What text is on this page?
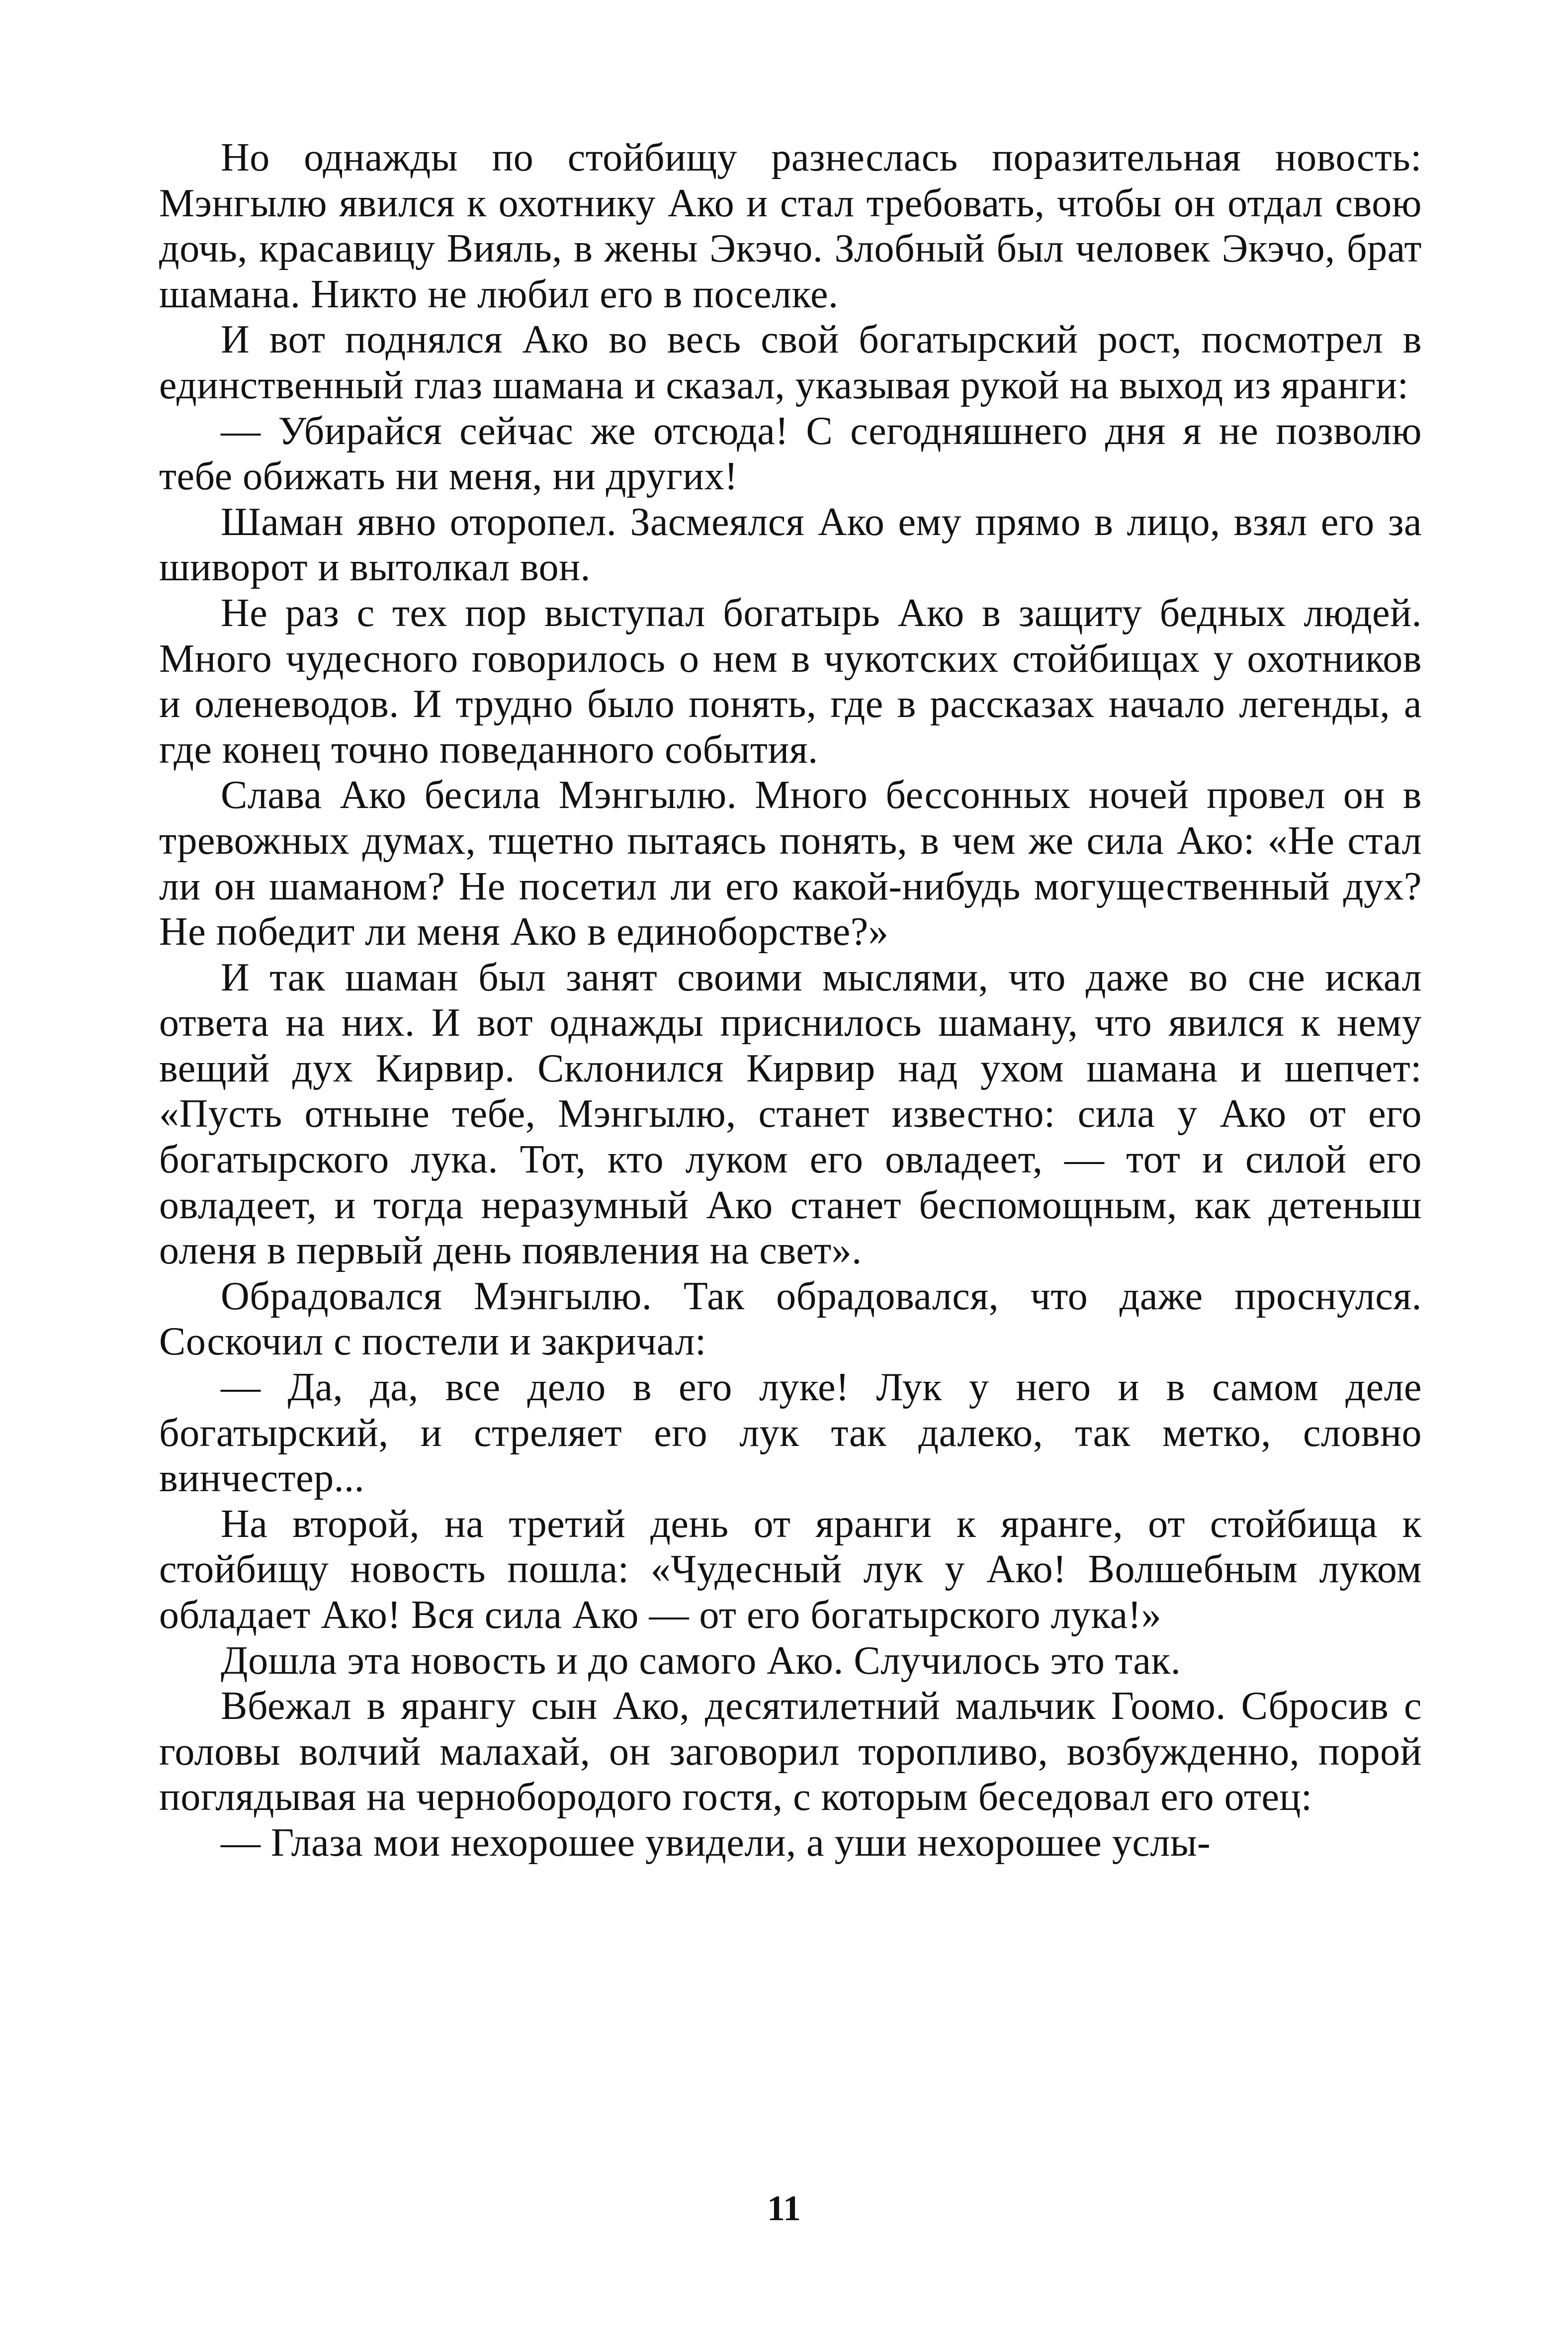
Но однажды по стойбищу разнеслась поразительная новость: Мэнгылю явился к охотнику Ако и стал требовать, чтобы он отдал свою дочь, красавицу Вияль, в жены Экэчо. Злобный был человек Экэчо, брат шамана. Никто не любил его в поселке.

И вот поднялся Ако во весь свой богатырский рост, посмотрел в единственный глаз шамана и сказал, указывая рукой на выход из яранги:

— Убирайся сейчас же отсюда! С сегодняшнего дня я не позволю тебе обижать ни меня, ни других!

Шаман явно оторопел. Засмеялся Ако ему прямо в лицо, взял его за шиворот и вытолкал вон.

Не раз с тех пор выступал богатырь Ако в защиту бедных людей. Много чудесного говорилось о нем в чукотских стойбищах у охотников и оленеводов. И трудно было понять, где в рассказах начало легенды, а где конец точно поведанного события.

Слава Ако бесила Мэнгылю. Много бессонных ночей провел он в тревожных думах, тщетно пытаясь понять, в чем же сила Ако: «Не стал ли он шаманом? Не посетил ли его какой-нибудь могущественный дух? Не победит ли меня Ако в единоборстве?»

И так шаман был занят своими мыслями, что даже во сне искал ответа на них. И вот однажды приснилось шаману, что явился к нему вещий дух Кирвир. Склонился Кирвир над ухом шамана и шепчет: «Пусть отныне тебе, Мэнгылю, станет известно: сила у Ако от его богатырского лука. Тот, кто луком его овладеет, — тот и силой его овладеет, и тогда неразумный Ако станет беспомощным, как детеныш оленя в первый день появления на свет».

Обрадовался Мэнгылю. Так обрадовался, что даже проснулся. Соскочил с постели и закричал:

— Да, да, все дело в его луке! Лук у него и в самом деле богатырский, и стреляет его лук так далеко, так метко, словно винчестер...

На второй, на третий день от яранги к яранге, от стойбища к стойбищу новость пошла: «Чудесный лук у Ако! Волшебным луком обладает Ако! Вся сила Ако — от его богатырского лука!»

Дошла эта новость и до самого Ако. Случилось это так.

Вбежал в ярангу сын Ако, десятилетний мальчик Гоомо. Сбросив с головы волчий малахай, он заговорил торопливо, возбужденно, порой поглядывая на чернобородого гостя, с которым беседовал его отец:

— Глаза мои нехорошее увидели, а уши нехорошее услы-

11
